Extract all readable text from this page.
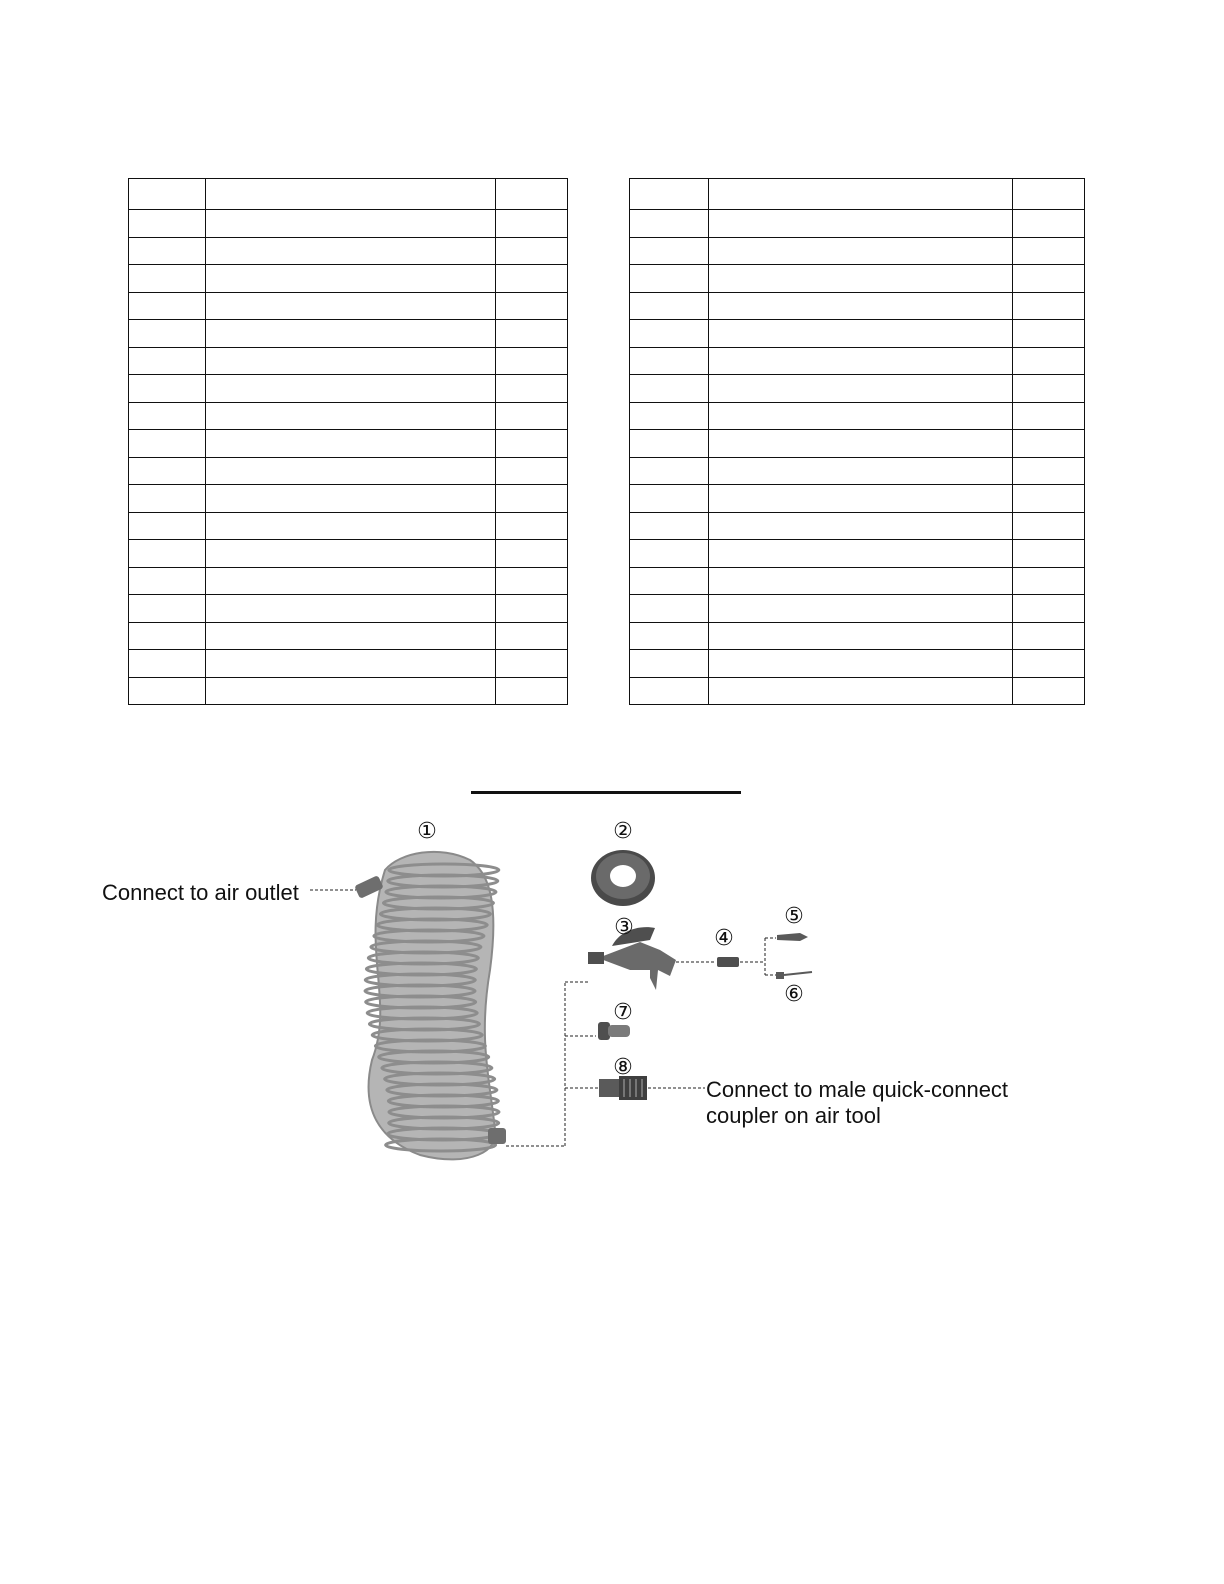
①	②
③	④
⑤
⑥
⑦
⑧
Connect to air outlet
Connect to male quick-connect
coupler on air tool
